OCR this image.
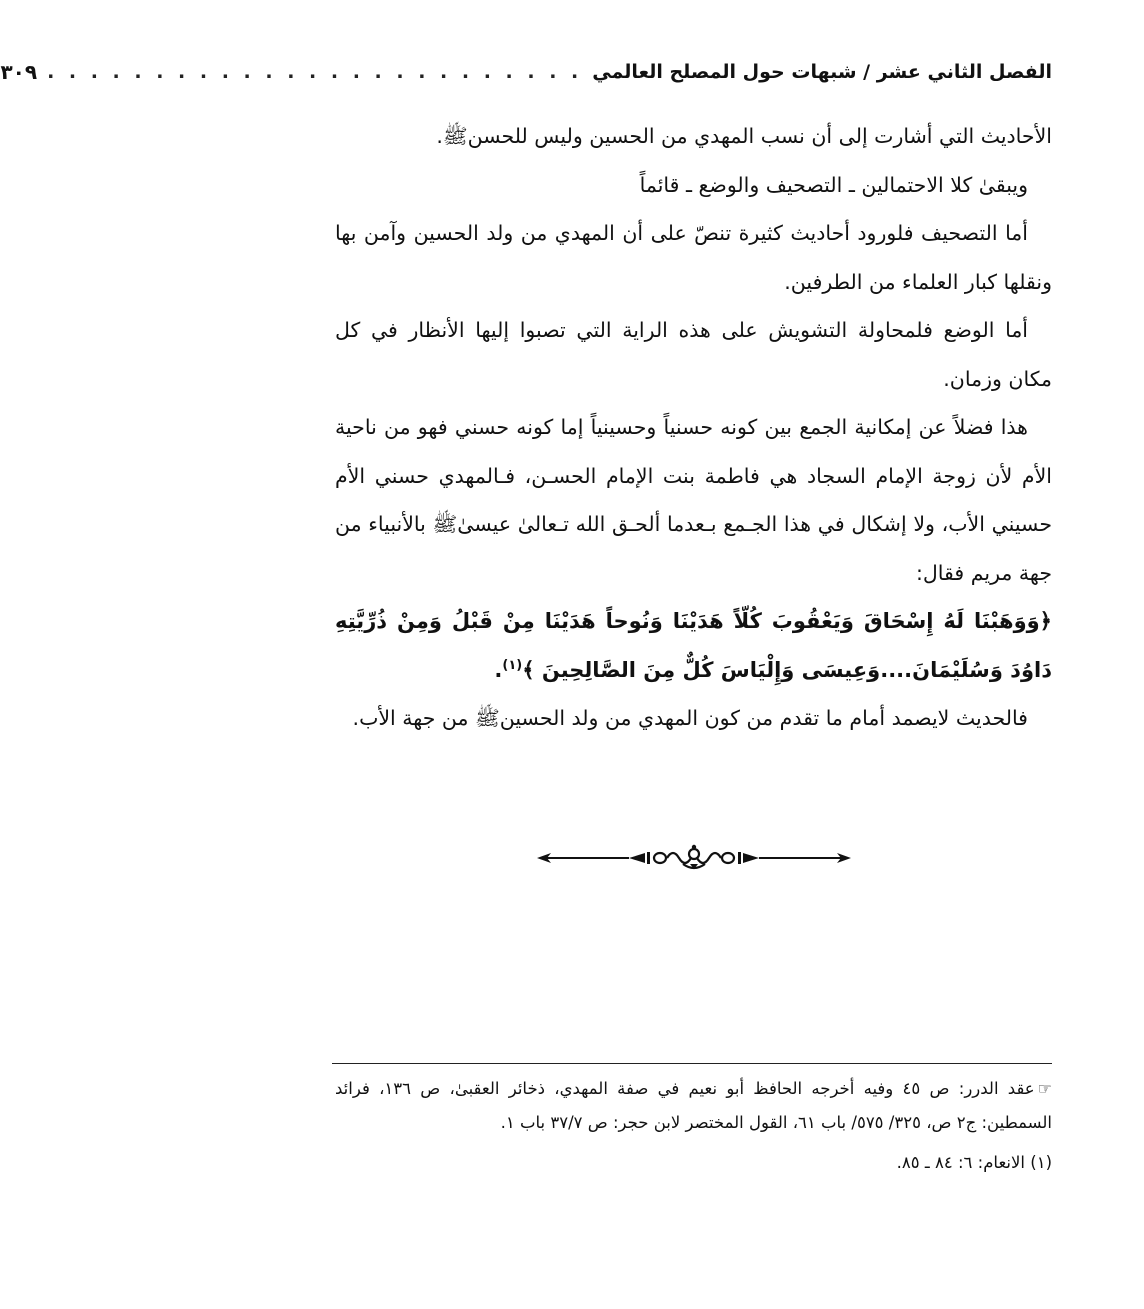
الفصل الثاني عشر / شبهات حول المصلح العالمي
. . . . . . . . . . . . . . . . . . . . . . . . .
٣٠٩

الأحاديث التي أشارت إلى أن نسب المهدي من الحسين وليس للحسن‏ﷺ.

ويبقىٰ كلا الاحتمالين ـ التصحيف والوضع ـ قائماً

أما التصحيف فلورود أحاديث كثيرة تنصّ على أن المهدي من ولد الحسين وآمن بها ونقلها كبار العلماء من الطرفين.

أما الوضع فلمحاولة التشويش على هذه الراية التي تصبوا إليها الأنظار في كل مكان وزمان.

هذا فضلاً عن إمكانية الجمع بين كونه حسنياً وحسينياً إما كونه حسني فهو من ناحية الأم لأن زوجة الإمام السجاد هي فاطمة بنت الإمام الحسـن، فـالمهدي حسني الأم حسيني الأب، ولا إشكال في هذا الجـمع بـعدما ألحـق الله تـعالىٰ عيسىٰ‏ﷺ بالأنبياء من جهة مريم فقال:

﴿وَوَهَبْنَا لَهُ إِسْحَاقَ وَيَعْقُوبَ كُلّاً هَدَيْنَا وَنُوحاً هَدَيْنَا مِنْ قَبْلُ وَمِنْ ذُرِّيَّتِهِ دَاوُدَ وَسُلَيْمَانَ....وَعِيسَى وَإِلْيَاسَ كُلٌّ مِنَ الصَّالِحِينَ ﴾$^{(١)}$.

فالحديث لايصمد أمام ما تقدم من كون المهدي من ولد الحسين‏ﷺ من جهة الأب.

☞عقد الدرر: ص ٤٥ وفيه أخرجه الحافظ أبو نعيم في صفة المهدي، ذخائر العقبىٰ، ص ١٣٦، فرائد السمطين: ج٢ ص، ٣٢٥/ ٥٧٥/ باب ٦١، القول المختصر لابن حجر: ص ٣٧/٧ باب ١.

(١) الانعام: ٦: ٨٤ ـ ٨٥.
